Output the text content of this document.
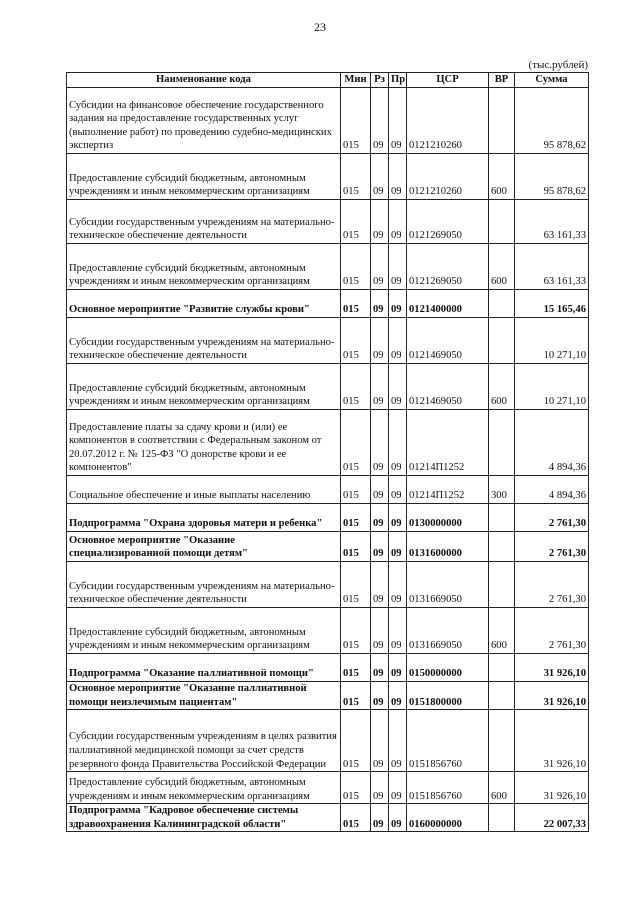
23
(тыс.рублей)
Наименование кода	Мин	Рз	Пр	ЦСР	ВР	Сумма
Субсидии на финансовое обеспечение государственного задания на предоставление государственных услуг (выполнение работ) по проведению судебно-медицинских экспертиз	015	09	09	0121210260		95 878,62
Предоставление субсидий бюджетным, автономным учреждениям и иным некоммерческим организациям	015	09	09	0121210260	600	95 878,62
Субсидии государственным учреждениям на материально-техническое обеспечение деятельности	015	09	09	0121269050		63 161,33
Предоставление субсидий бюджетным, автономным учреждениям и иным некоммерческим организациям	015	09	09	0121269050	600	63 161,33
Основное мероприятие "Развитие службы крови"	015	09	09	0121400000		15 165,46
Субсидии государственным учреждениям на материально-техническое обеспечение деятельности	015	09	09	0121469050		10 271,10
Предоставление субсидий бюджетным, автономным учреждениям и иным некоммерческим организациям	015	09	09	0121469050	600	10 271,10
Предоставление платы за сдачу крови и (или) ее компонентов в соответствии с Федеральным законом от 20.07.2012 г. № 125-ФЗ "О донорстве крови и ее компонентов"	015	09	09	01214П1252		4 894,36
Социальное обеспечение и иные выплаты населению	015	09	09	01214П1252	300	4 894,36
Подпрограмма "Охрана здоровья матери и ребенка"	015	09	09	0130000000		2 761,30
Основное мероприятие "Оказание специализированной помощи детям"	015	09	09	0131600000		2 761,30
Субсидии государственным учреждениям на материально-техническое обеспечение деятельности	015	09	09	0131669050		2 761,30
Предоставление субсидий бюджетным, автономным учреждениям и иным некоммерческим организациям	015	09	09	0131669050	600	2 761,30
Подпрограмма "Оказание паллиативной помощи"	015	09	09	0150000000		31 926,10
Основное мероприятие "Оказание паллиативной помощи неизлечимым пациентам"	015	09	09	0151800000		31 926,10
Субсидии государственным учреждениям в целях развития паллиативной медицинской помощи за счет средств резервного фонда Правительства Российской Федерации	015	09	09	0151856760		31 926,10
Предоставление субсидий бюджетным, автономным учреждениям и иным некоммерческим организациям	015	09	09	0151856760	600	31 926,10
Подпрограмма "Кадровое обеспечение системы здравоохранения Калининградской области"	015	09	09	0160000000		22 007,33
